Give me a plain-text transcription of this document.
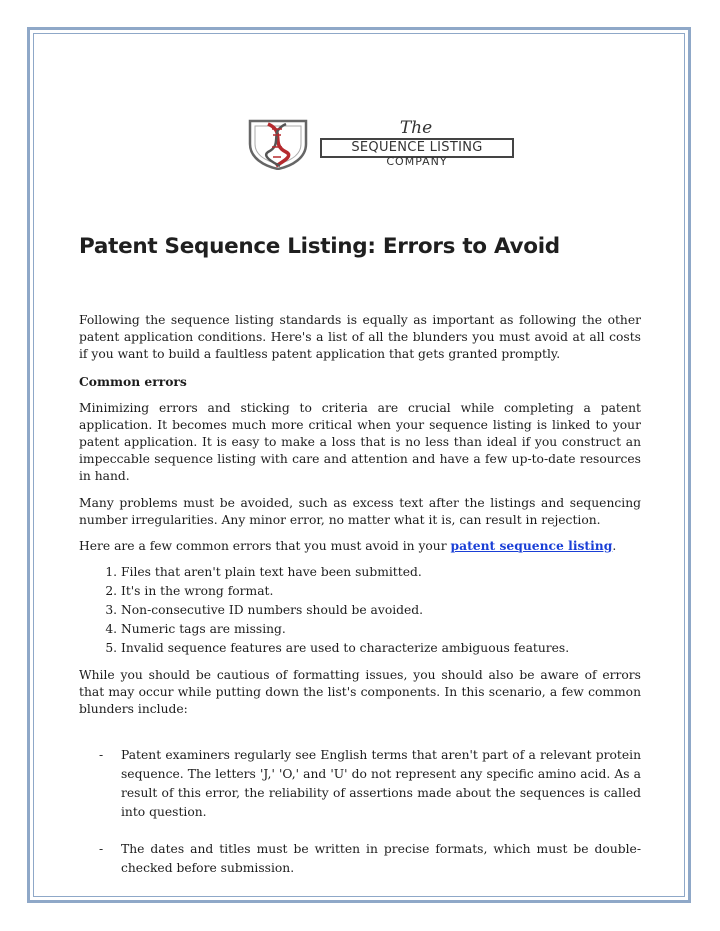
The
SEQUENCE LISTING
COMPANY
Patent Sequence Listing: Errors to Avoid

Following the sequence listing standards is equally as important as following the other patent application conditions. Here's a list of all the blunders you must avoid at all costs if you want to build a faultless patent application that gets granted promptly.

Common errors

Minimizing errors and sticking to criteria are crucial while completing a patent application. It becomes much more critical when your sequence listing is linked to your patent application. It is easy to make a loss that is no less than ideal if you construct an impeccable sequence listing with care and attention and have a few up-to-date resources in hand.

Many problems must be avoided, such as excess text after the listings and sequencing number irregularities. Any minor error, no matter what it is, can result in rejection.

Here are a few common errors that you must avoid in your patent sequence listing.

1. Files that aren't plain text have been submitted.
2. It's in the wrong format.
3. Non-consecutive ID numbers should be avoided.
4. Numeric tags are missing.
5. Invalid sequence features are used to characterize ambiguous features.

While you should be cautious of formatting issues, you should also be aware of errors that may occur while putting down the list's components. In this scenario, a few common blunders include:

- Patent examiners regularly see English terms that aren't part of a relevant protein sequence. The letters 'J,' 'O,' and 'U' do not represent any specific amino acid. As a result of this error, the reliability of assertions made about the sequences is called into question.
- The dates and titles must be written in precise formats, which must be double-checked before submission.
